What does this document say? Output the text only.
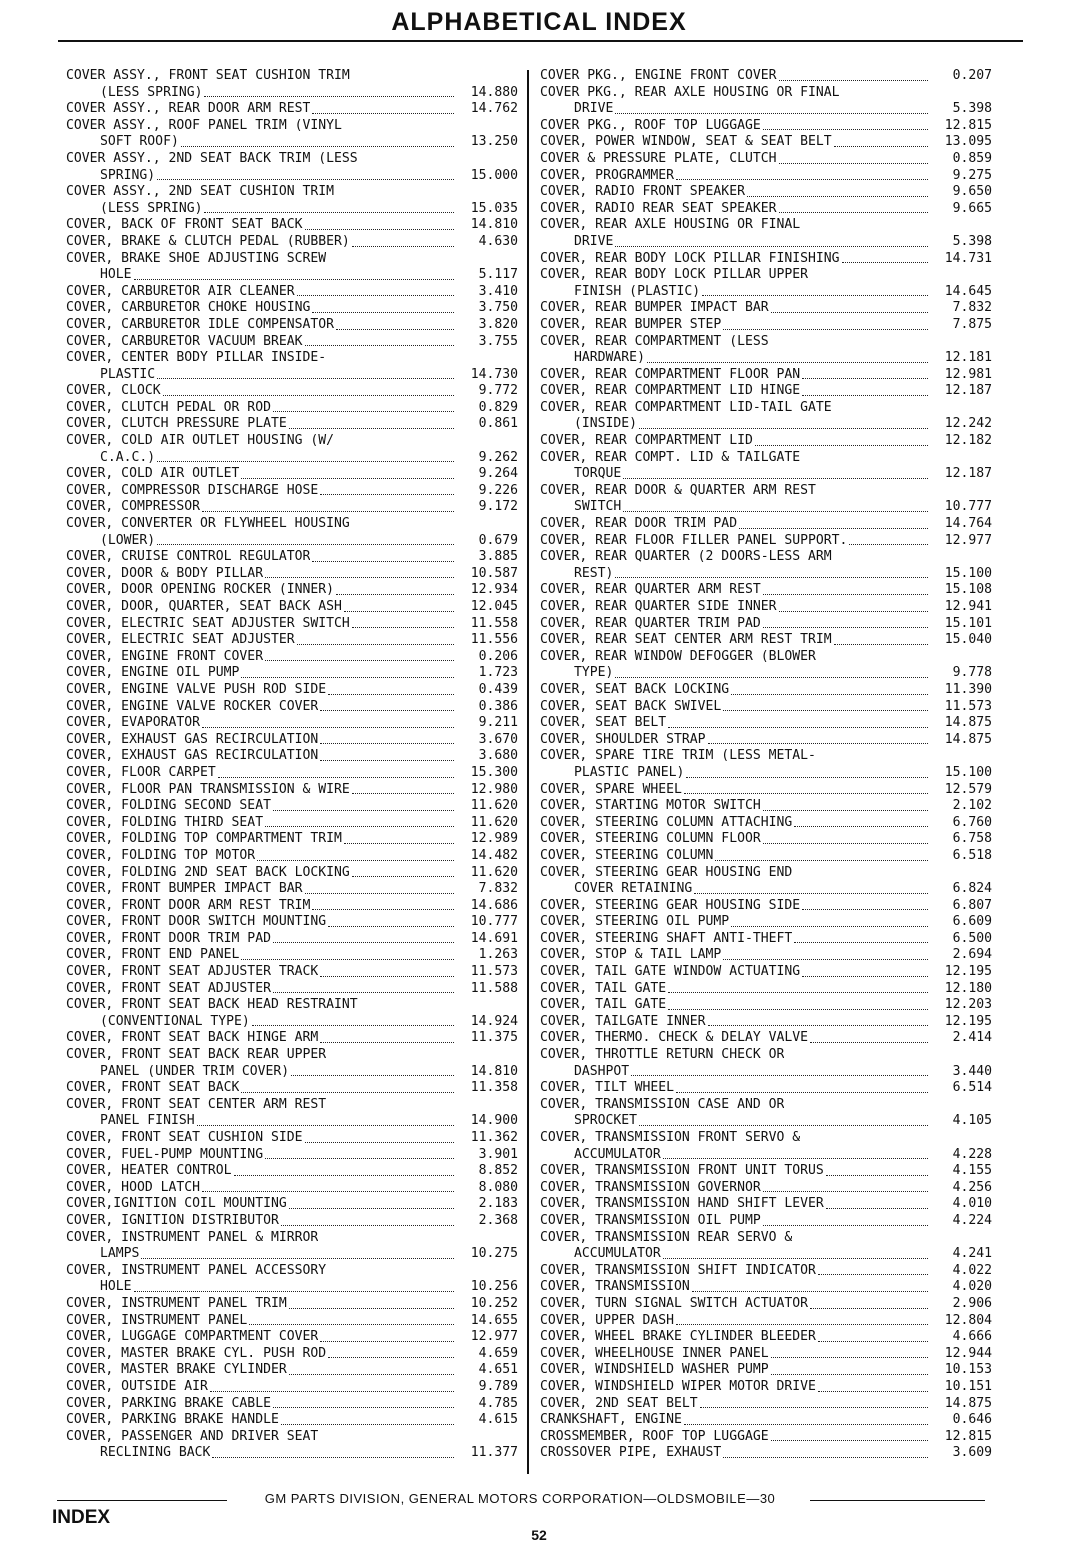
ALPHABETICAL INDEX
COVER ASSY., FRONT SEAT CUSHION TRIM
(LESS SPRING)	14.880
COVER ASSY., REAR DOOR ARM REST	14.762
COVER ASSY., ROOF PANEL TRIM (VINYL
SOFT ROOF)	13.250
COVER ASSY., 2ND SEAT BACK TRIM (LESS
SPRING)	15.000
COVER ASSY., 2ND SEAT CUSHION TRIM
(LESS SPRING)	15.035
COVER, BACK OF FRONT SEAT BACK	14.810
COVER, BRAKE & CLUTCH PEDAL (RUBBER)	4.630
COVER, BRAKE SHOE ADJUSTING SCREW
HOLE	5.117
COVER, CARBURETOR AIR CLEANER	3.410
COVER, CARBURETOR CHOKE HOUSING	3.750
COVER, CARBURETOR IDLE COMPENSATOR	3.820
COVER, CARBURETOR VACUUM BREAK	3.755
COVER, CENTER BODY PILLAR INSIDE-
PLASTIC	14.730
COVER, CLOCK	9.772
COVER, CLUTCH PEDAL OR ROD	0.829
COVER, CLUTCH PRESSURE PLATE	0.861
COVER, COLD AIR OUTLET HOUSING (W/
C.A.C.)	9.262
COVER, COLD AIR OUTLET	9.264
COVER, COMPRESSOR DISCHARGE HOSE	9.226
COVER, COMPRESSOR	9.172
COVER, CONVERTER OR FLYWHEEL HOUSING
(LOWER)	0.679
COVER, CRUISE CONTROL REGULATOR	3.885
COVER, DOOR & BODY PILLAR	10.587
COVER, DOOR OPENING ROCKER (INNER)	12.934
COVER, DOOR, QUARTER, SEAT BACK ASH	12.045
COVER, ELECTRIC SEAT ADJUSTER SWITCH	11.558
COVER, ELECTRIC SEAT ADJUSTER	11.556
COVER, ENGINE FRONT COVER	0.206
COVER, ENGINE OIL PUMP	1.723
COVER, ENGINE VALVE PUSH ROD SIDE	0.439
COVER, ENGINE VALVE ROCKER COVER	0.386
COVER, EVAPORATOR	9.211
COVER, EXHAUST GAS RECIRCULATION	3.670
COVER, EXHAUST GAS RECIRCULATION	3.680
COVER, FLOOR CARPET	15.300
COVER, FLOOR PAN TRANSMISSION & WIRE	12.980
COVER, FOLDING SECOND SEAT	11.620
COVER, FOLDING THIRD SEAT	11.620
COVER, FOLDING TOP COMPARTMENT TRIM	12.989
COVER, FOLDING TOP MOTOR	14.482
COVER, FOLDING 2ND SEAT BACK LOCKING	11.620
COVER, FRONT BUMPER IMPACT BAR	7.832
COVER, FRONT DOOR ARM REST TRIM	14.686
COVER, FRONT DOOR SWITCH MOUNTING	10.777
COVER, FRONT DOOR TRIM PAD	14.691
COVER, FRONT END PANEL	1.263
COVER, FRONT SEAT ADJUSTER TRACK	11.573
COVER, FRONT SEAT ADJUSTER	11.588
COVER, FRONT SEAT BACK HEAD RESTRAINT
(CONVENTIONAL TYPE)	14.924
COVER, FRONT SEAT BACK HINGE ARM	11.375
COVER, FRONT SEAT BACK REAR UPPER
PANEL (UNDER TRIM COVER)	14.810
COVER, FRONT SEAT BACK	11.358
COVER, FRONT SEAT CENTER ARM REST
PANEL FINISH	14.900
COVER, FRONT SEAT CUSHION SIDE	11.362
COVER, FUEL-PUMP MOUNTING	3.901
COVER, HEATER CONTROL	8.852
COVER, HOOD LATCH	8.080
COVER,IGNITION COIL MOUNTING	2.183
COVER, IGNITION DISTRIBUTOR	2.368
COVER, INSTRUMENT PANEL & MIRROR
LAMPS	10.275
COVER, INSTRUMENT PANEL ACCESSORY
HOLE	10.256
COVER, INSTRUMENT PANEL TRIM	10.252
COVER, INSTRUMENT PANEL	14.655
COVER, LUGGAGE COMPARTMENT COVER	12.977
COVER, MASTER BRAKE CYL. PUSH ROD	4.659
COVER, MASTER BRAKE CYLINDER	4.651
COVER, OUTSIDE AIR	9.789
COVER, PARKING BRAKE CABLE	4.785
COVER, PARKING BRAKE HANDLE	4.615
COVER, PASSENGER AND DRIVER SEAT
RECLINING BACK	11.377
COVER PKG., ENGINE FRONT COVER	0.207
COVER PKG., REAR AXLE HOUSING OR FINAL
DRIVE	5.398
COVER PKG., ROOF TOP LUGGAGE	12.815
COVER, POWER WINDOW, SEAT & SEAT BELT	13.095
COVER & PRESSURE PLATE, CLUTCH	0.859
COVER, PROGRAMMER	9.275
COVER, RADIO FRONT SPEAKER	9.650
COVER, RADIO REAR SEAT SPEAKER	9.665
COVER, REAR AXLE HOUSING OR FINAL
DRIVE	5.398
COVER, REAR BODY LOCK PILLAR FINISHING	14.731
COVER, REAR BODY LOCK PILLAR UPPER
FINISH (PLASTIC)	14.645
COVER, REAR BUMPER IMPACT BAR	7.832
COVER, REAR BUMPER STEP	7.875
COVER, REAR COMPARTMENT (LESS
HARDWARE)	12.181
COVER, REAR COMPARTMENT FLOOR PAN	12.981
COVER, REAR COMPARTMENT LID HINGE	12.187
COVER, REAR COMPARTMENT LID-TAIL GATE
(INSIDE)	12.242
COVER, REAR COMPARTMENT LID	12.182
COVER, REAR COMPT. LID & TAILGATE
TORQUE	12.187
COVER, REAR DOOR & QUARTER ARM REST
SWITCH	10.777
COVER, REAR DOOR TRIM PAD	14.764
COVER, REAR FLOOR FILLER PANEL SUPPORT.	12.977
COVER, REAR QUARTER (2 DOORS-LESS ARM
REST)	15.100
COVER, REAR QUARTER ARM REST	15.108
COVER, REAR QUARTER SIDE INNER	12.941
COVER, REAR QUARTER TRIM PAD	15.101
COVER, REAR SEAT CENTER ARM REST TRIM	15.040
COVER, REAR WINDOW DEFOGGER (BLOWER
TYPE)	9.778
COVER, SEAT BACK LOCKING	11.390
COVER, SEAT BACK SWIVEL	11.573
COVER, SEAT BELT	14.875
COVER, SHOULDER STRAP	14.875
COVER, SPARE TIRE TRIM (LESS METAL-
PLASTIC PANEL)	15.100
COVER, SPARE WHEEL	12.579
COVER, STARTING MOTOR SWITCH	2.102
COVER, STEERING COLUMN ATTACHING	6.760
COVER, STEERING COLUMN FLOOR	6.758
COVER, STEERING COLUMN	6.518
COVER, STEERING GEAR HOUSING END
COVER RETAINING	6.824
COVER, STEERING GEAR HOUSING SIDE	6.807
COVER, STEERING OIL PUMP	6.609
COVER, STEERING SHAFT ANTI-THEFT	6.500
COVER, STOP & TAIL LAMP	2.694
COVER, TAIL GATE WINDOW ACTUATING	12.195
COVER, TAIL GATE	12.180
COVER, TAIL GATE	12.203
COVER, TAILGATE INNER	12.195
COVER, THERMO. CHECK & DELAY VALVE	2.414
COVER, THROTTLE RETURN CHECK OR
DASHPOT	3.440
COVER, TILT WHEEL	6.514
COVER, TRANSMISSION CASE AND OR
SPROCKET	4.105
COVER, TRANSMISSION FRONT SERVO &
ACCUMULATOR	4.228
COVER, TRANSMISSION FRONT UNIT TORUS	4.155
COVER, TRANSMISSION GOVERNOR	4.256
COVER, TRANSMISSION HAND SHIFT LEVER	4.010
COVER, TRANSMISSION OIL PUMP	4.224
COVER, TRANSMISSION REAR SERVO &
ACCUMULATOR	4.241
COVER, TRANSMISSION SHIFT INDICATOR	4.022
COVER, TRANSMISSION	4.020
COVER, TURN SIGNAL SWITCH ACTUATOR	2.906
COVER, UPPER DASH	12.804
COVER, WHEEL BRAKE CYLINDER BLEEDER	4.666
COVER, WHEELHOUSE INNER PANEL	12.944
COVER, WINDSHIELD WASHER PUMP	10.153
COVER, WINDSHIELD WIPER MOTOR DRIVE	10.151
COVER, 2ND SEAT BELT	14.875
CRANKSHAFT, ENGINE	0.646
CROSSMEMBER, ROOF TOP LUGGAGE	12.815
CROSSOVER PIPE, EXHAUST	3.609
GM PARTS DIVISION, GENERAL MOTORS CORPORATION—OLDSMOBILE—30
INDEX
52
